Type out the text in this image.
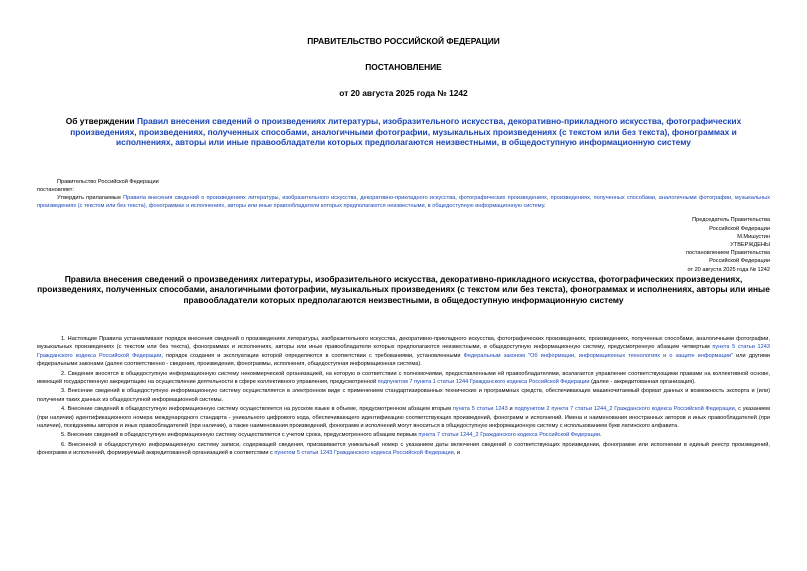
ПРАВИТЕЛЬСТВО РОССИЙСКОЙ ФЕДЕРАЦИИ
ПОСТАНОВЛЕНИЕ
от 20 августа 2025 года № 1242
Об утверждении Правил внесения сведений о произведениях литературы, изобразительного искусства, декоративно-прикладного искусства, фотографических произведениях, произведениях, полученных способами, аналогичными фотографии, музыкальных произведениях (с текстом или без текста), фонограммах и исполнениях, авторы или иные правообладатели которых предполагаются неизвестными, в общедоступную информационную систему

Правительство Российской Федерации

постановляет:

Утвердить прилагаемые Правила внесения сведений о произведениях литературы, изобразительного искусства, декоративно-прикладного искусства, фотографических произведениях, произведениях, полученных способами, аналогичными фотографии, музыкальных произведениях (с текстом или без текста), фонограммах и исполнениях, авторы или иные правообладатели которых предполагаются неизвестными, в общедоступную информационную систему.

Председатель Правительства

Российской Федерации

М.Мишустин

УТВЕРЖДЕНЫ

постановлением Правительства

Российской Федерации

от 20 августа 2025 года № 1242

Правила внесения сведений о произведениях литературы, изобразительного искусства, декоративно-прикладного искусства, фотографических произведениях, произведениях, полученных способами, аналогичными фотографии, музыкальных произведениях (с текстом или без текста), фонограммах и исполнениях, авторы или иные правообладатели которых предполагаются неизвестными, в общедоступную информационную систему

1. Настоящие Правила устанавливают порядок внесения сведений о произведениях литературы, изобразительного искусства, декоративно-прикладного искусства, фотографических произведениях, произведениях, полученных способами, аналогичными фотографии, музыкальных произведениях (с текстом или без текста), фонограммах и исполнениях, авторы или иные правообладатели которых предполагаются неизвестными, в общедоступную информационную систему, предусмотренную абзацем четвертым пункта 5 статьи 1243 Гражданского кодекса Российской Федерации, порядок создания и эксплуатации которой определяются в соответствии с требованиями, установленными Федеральным законом "Об информации, информационных технологиях и о защите информации" или другими федеральными законами (далее соответственно - сведения, произведения, фонограммы, исполнения, общедоступная информационная система).

2. Сведения вносятся в общедоступную информационную систему некоммерческой организацией, на которую в соответствии с полномочиями, предоставленными ей правообладателями, возлагается управление соответствующими правами на коллективной основе, имеющей государственную аккредитацию на осуществление деятельности в сфере коллективного управления, предусмотренной подпунктом 7 пункта 1 статьи 1244 Гражданского кодекса Российской Федерации (далее - аккредитованная организация).

3. Внесение сведений в общедоступную информационную систему осуществляется в электронном виде с применением стандартизированных технических и программных средств, обеспечивающих машиночитаемый формат данных и возможность экспорта и (или) получения таких данных из общедоступной информационной системы.

4. Внесение сведений в общедоступную информационную систему осуществляется на русском языке в объеме, предусмотренном абзацем вторым пункта 5 статьи 1243 и подпунктом 2 пункта 7 статьи 1244_2 Гражданского кодекса Российской Федерации, с указанием (при наличии) идентификационного номера международного стандарта - уникального цифрового кода, обеспечивающего идентификацию соответствующих произведений, фонограмм и исполнений. Имена и наименования иностранных авторов и иных правообладателей (при наличии), псевдонимы авторов и иных правообладателей (при наличии), а также наименования произведений, фонограмм и исполнений могут вноситься в общедоступную информационную систему с использованием букв латинского алфавита.

5. Внесение сведений в общедоступную информационную систему осуществляется с учетом срока, предусмотренного абзацем первым пункта 7 статьи 1244_2 Гражданского кодекса Российской Федерации.

6. Внесенной в общедоступную информационную систему записи, содержащей сведения, присваивается уникальный номер с указанием даты включения сведений о соответствующих произведении, фонограмме или исполнении в единый реестр произведений, фонограмм и исполнений, формируемый аккредитованной организацией в соответствии с пунктом 5 статьи 1243 Гражданского кодекса Российской Федерации, и
